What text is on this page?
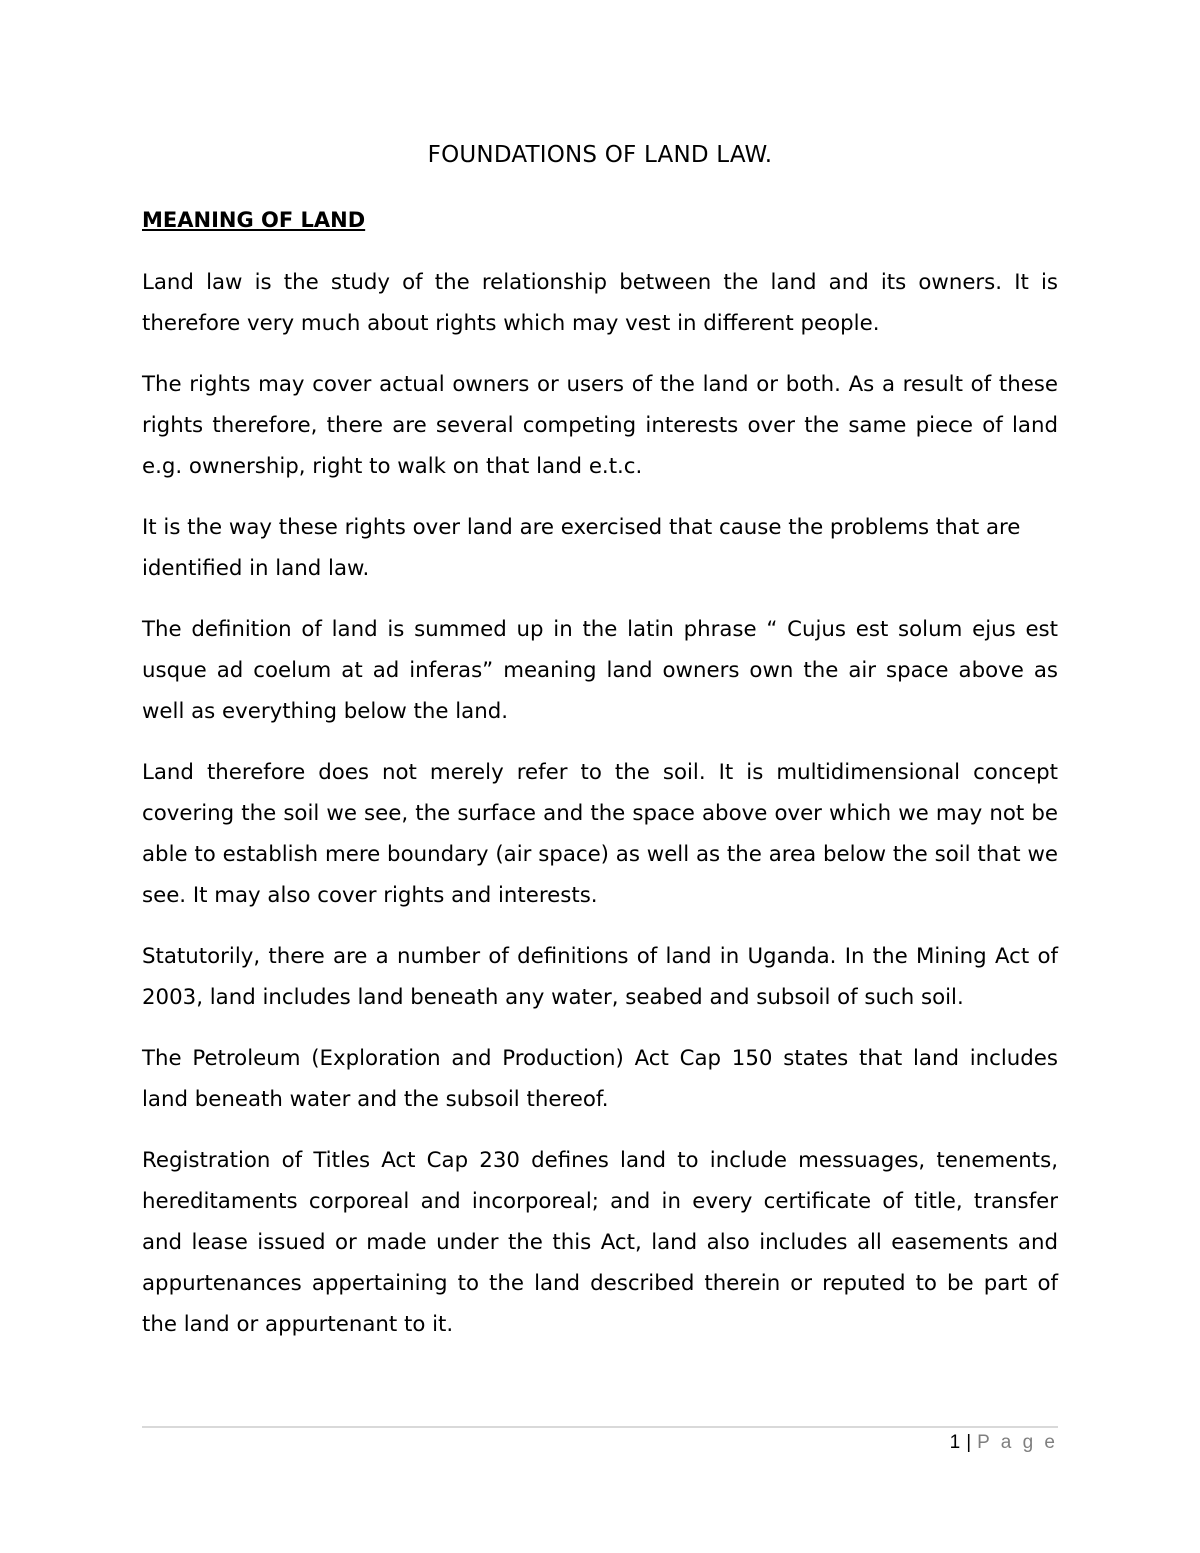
FOUNDATIONS OF LAND LAW.
MEANING OF LAND

Land law is the study of the relationship between the land and its owners. It is therefore very much about rights which may vest in different people.

The rights may cover actual owners or users of the land or both. As a result of these rights therefore, there are several competing interests over the same piece of land e.g. ownership, right to walk on that land e.t.c.

It is the way these rights over land are exercised that cause the problems that are identified in land law.

The definition of land is summed up in the latin phrase “ Cujus est solum ejus est usque ad coelum at ad inferas” meaning land owners own the air space above as well as everything below the land.

Land therefore does not merely refer to the soil. It is multidimensional concept covering the soil we see, the surface and the space above over which we may not be able to establish mere boundary (air space) as well as the area below the soil that we see. It may also cover rights and interests.

Statutorily, there are a number of definitions of land in Uganda. In the Mining Act of 2003, land includes land beneath any water, seabed and subsoil of such soil.

The Petroleum (Exploration and Production) Act Cap 150 states that land includes land beneath water and the subsoil thereof.

Registration of Titles Act Cap 230 defines land to include messuages, tenements, hereditaments corporeal and incorporeal; and in every certificate of title, transfer and lease issued or made under the this Act, land also includes all easements and appurtenances appertaining to the land described therein or reputed to be part of the land or appurtenant to it.

1 | P a g e
